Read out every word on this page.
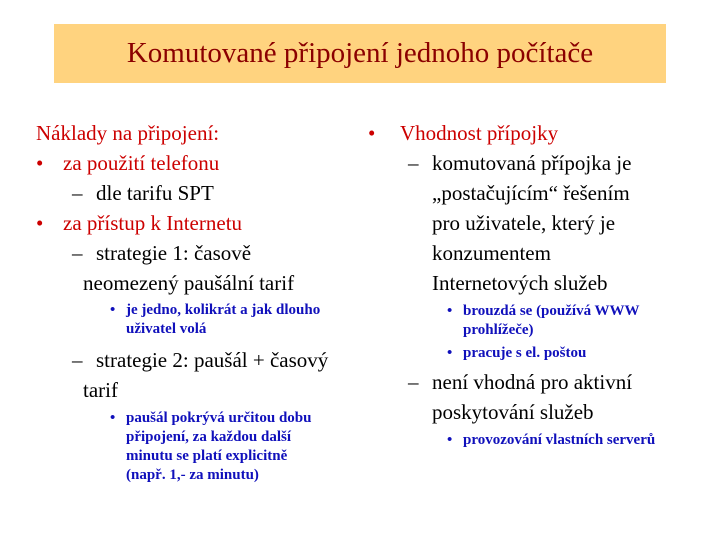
Komutované připojení jednoho počítače
Náklady na připojení:
• za použití telefonu
– dle tarifu SPT
• za přístup k Internetu
– strategie 1: časově
neomezený paušální tarif
• je jedno, kolikrát a jak dlouho
uživatel volá
– strategie 2: paušál + časový
tarif
• paušál pokrývá určitou dobu
připojení, za každou další
minutu se platí explicitně
(např. 1,- za minutu)
• Vhodnost přípojky
– komutovaná přípojka je
„postačujícím“ řešením
pro uživatele, který je
konzumentem
Internetových služeb
• brouzdá se (používá WWW
prohlížeče)
• pracuje s el. poštou
– není vhodná pro aktivní
poskytování služeb
• provozování vlastních serverů
